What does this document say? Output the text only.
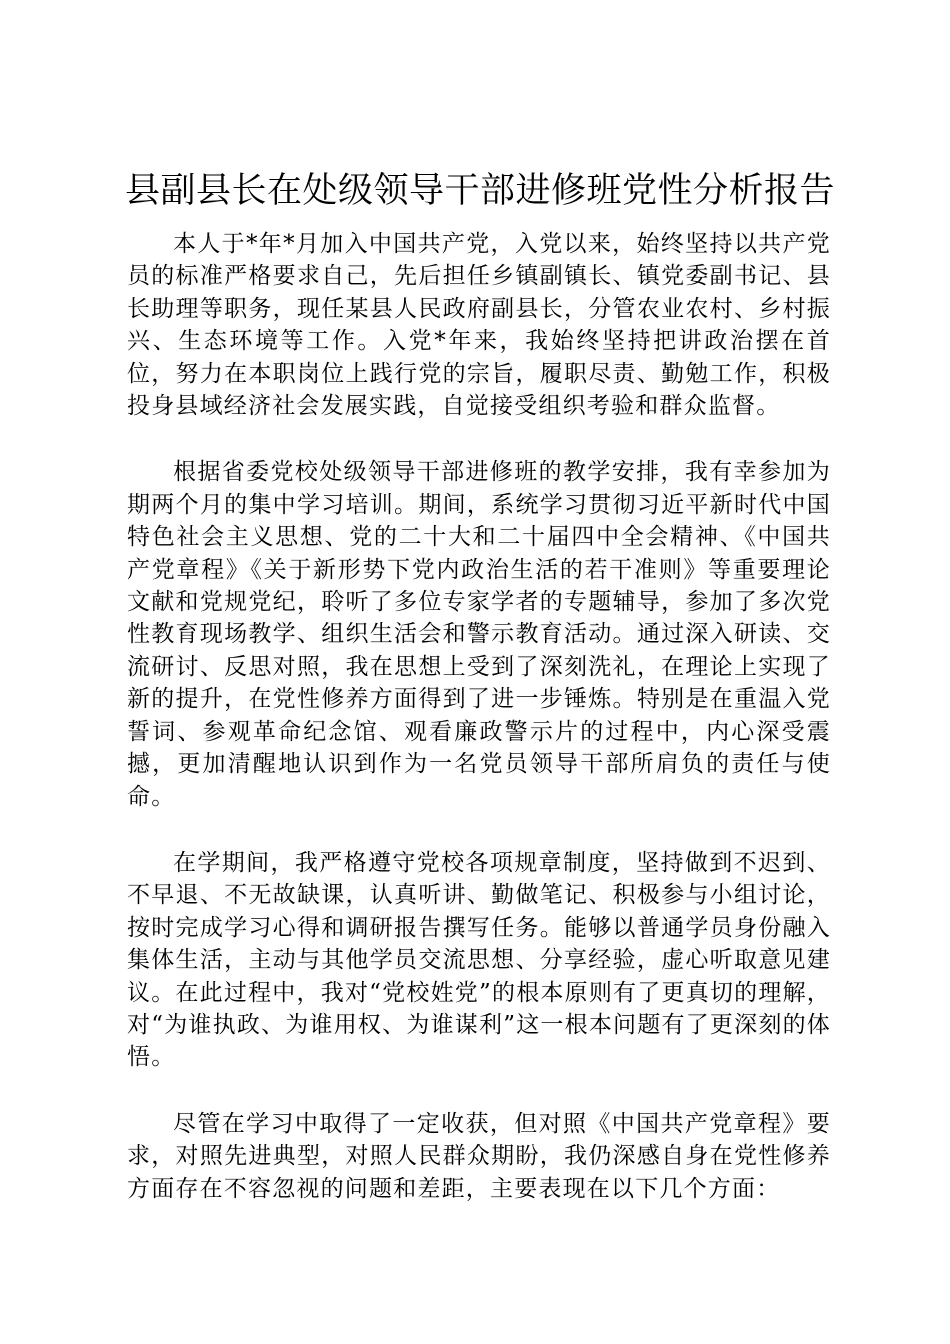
县副县长在处级领导干部进修班党性分析报告

本人于*年*月加入中国共产党，入党以来，始终坚持以共产党员的标准严格要求自己，先后担任乡镇副镇长、镇党委副书记、县长助理等职务，现任某县人民政府副县长，分管农业农村、乡村振兴、生态环境等工作。入党*年来，我始终坚持把讲政治摆在首位，努力在本职岗位上践行党的宗旨，履职尽责、勤勉工作，积极投身县域经济社会发展实践，自觉接受组织考验和群众监督。

根据省委党校处级领导干部进修班的教学安排，我有幸参加为期两个月的集中学习培训。期间，系统学习贯彻习近平新时代中国特色社会主义思想、党的二十大和二十届四中全会精神、《中国共产党章程》《关于新形势下党内政治生活的若干准则》等重要理论文献和党规党纪，聆听了多位专家学者的专题辅导，参加了多次党性教育现场教学、组织生活会和警示教育活动。通过深入研读、交流研讨、反思对照，我在思想上受到了深刻洗礼，在理论上实现了新的提升，在党性修养方面得到了进一步锤炼。特别是在重温入党誓词、参观革命纪念馆、观看廉政警示片的过程中，内心深受震撼，更加清醒地认识到作为一名党员领导干部所肩负的责任与使命。

在学期间，我严格遵守党校各项规章制度，坚持做到不迟到、不早退、不无故缺课，认真听讲、勤做笔记、积极参与小组讨论，按时完成学习心得和调研报告撰写任务。能够以普通学员身份融入集体生活，主动与其他学员交流思想、分享经验，虚心听取意见建议。在此过程中，我对“党校姓党”的根本原则有了更真切的理解，对“为谁执政、为谁用权、为谁谋利”这一根本问题有了更深刻的体悟。

尽管在学习中取得了一定收获，但对照《中国共产党章程》要求，对照先进典型，对照人民群众期盼，我仍深感自身在党性修养方面存在不容忽视的问题和差距，主要表现在以下几个方面：
